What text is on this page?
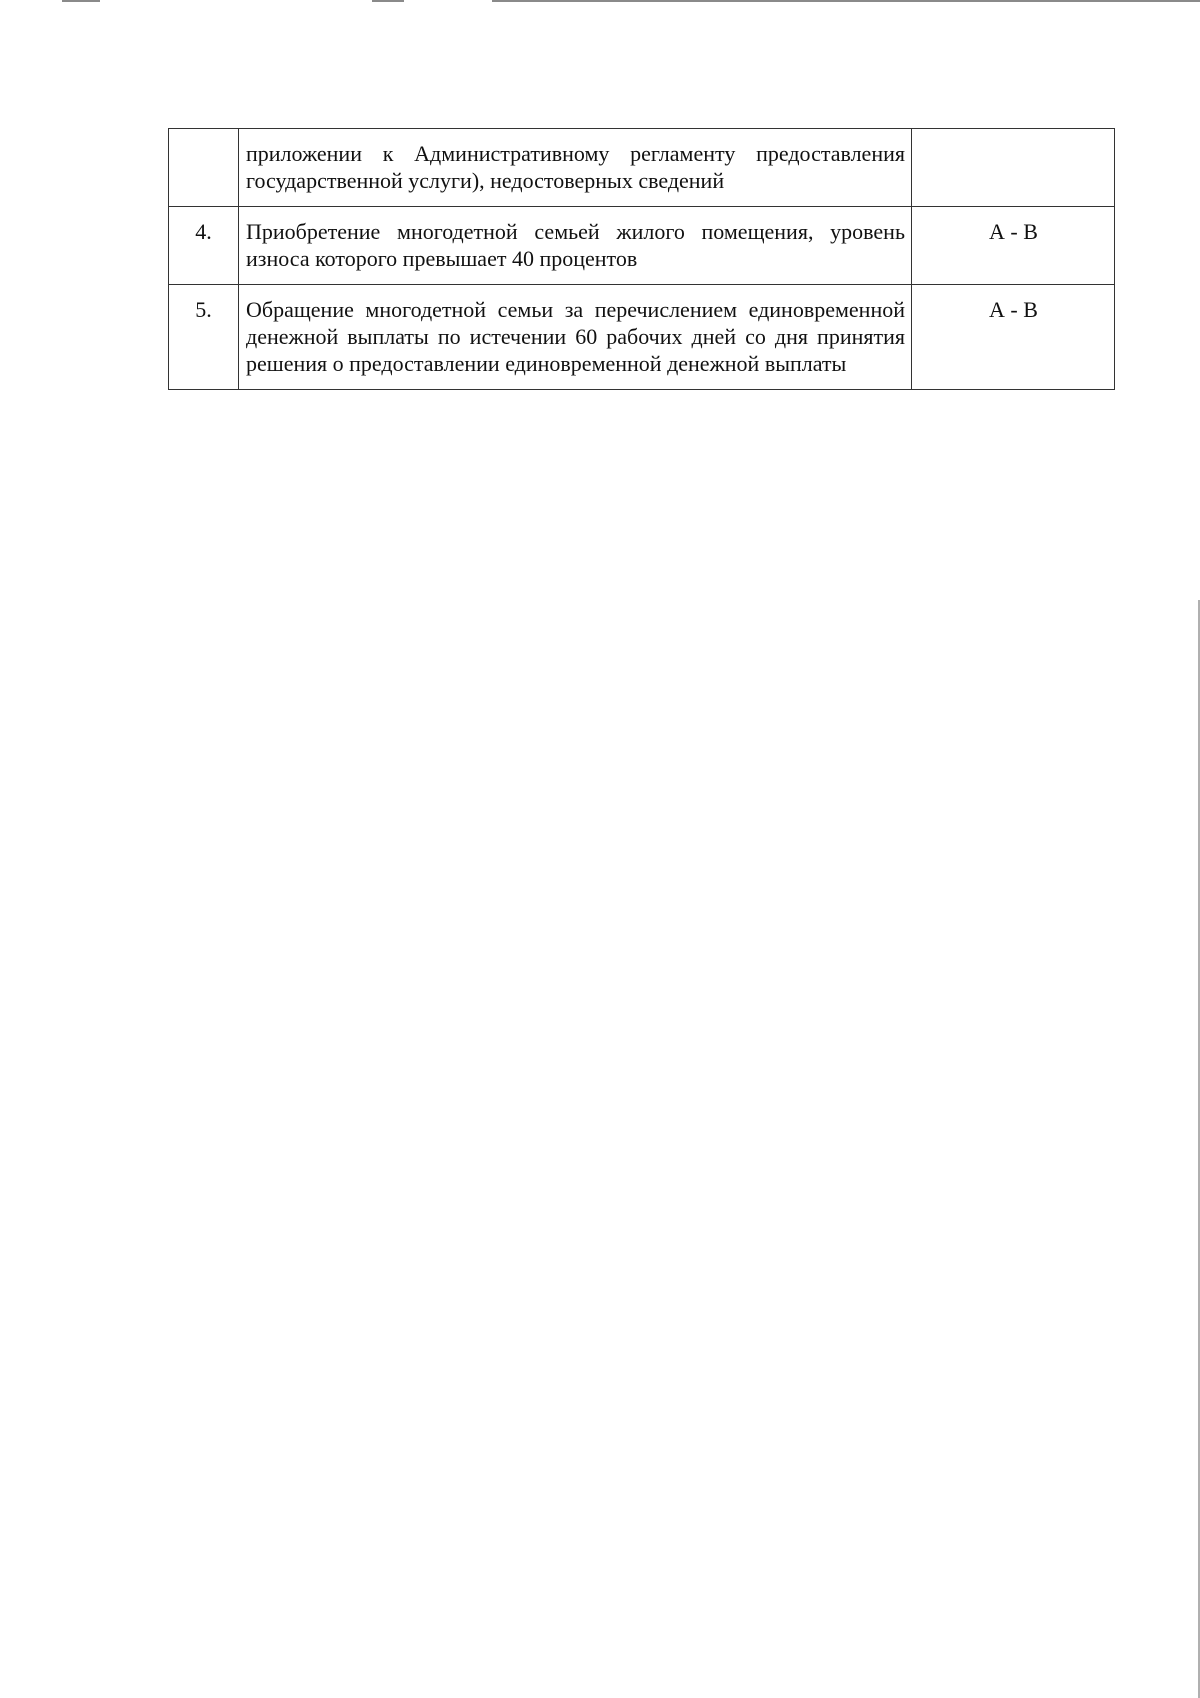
	приложении к Административному регламенту предоставления государственной услуги), недостоверных сведений	
4.	Приобретение многодетной семьей жилого помещения, уровень износа которого превышает 40 процентов	А - В
5.	Обращение многодетной семьи за перечислением единовременной денежной выплаты по истечении 60 рабочих дней со дня принятия решения о предоставлении единовременной денежной выплаты	А - В
